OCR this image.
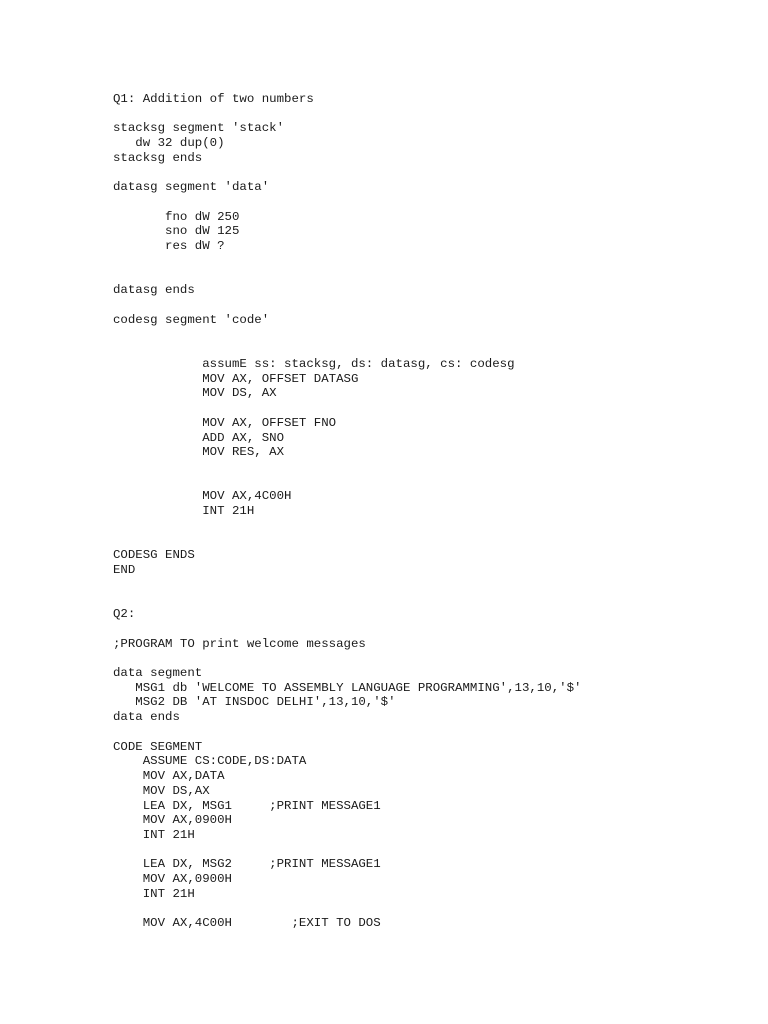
Q1: Addition of two numbers
stacksg segment 'stack'
dw 32 dup(0)
stacksg ends
datasg segment 'data'
fno dW 250
sno dW 125
res dW ?
datasg ends
codesg segment 'code'
assumE ss: stacksg, ds: datasg, cs: codesg
MOV AX, OFFSET DATASG
MOV DS, AX
MOV AX, OFFSET FNO
ADD AX, SNO
MOV RES, AX
MOV AX,4C00H
INT 21H
CODESG ENDS
END
Q2:
;PROGRAM TO print welcome messages
data segment
MSG1 db 'WELCOME TO ASSEMBLY LANGUAGE PROGRAMMING',13,10,'$'
MSG2 DB 'AT INSDOC DELHI',13,10,'$'
data ends
CODE SEGMENT
ASSUME CS:CODE,DS:DATA
MOV AX,DATA
MOV DS,AX
LEA DX, MSG1     ;PRINT MESSAGE1
MOV AX,0900H
INT 21H
LEA DX, MSG2     ;PRINT MESSAGE1
MOV AX,0900H
INT 21H
MOV AX,4C00H        ;EXIT TO DOS
